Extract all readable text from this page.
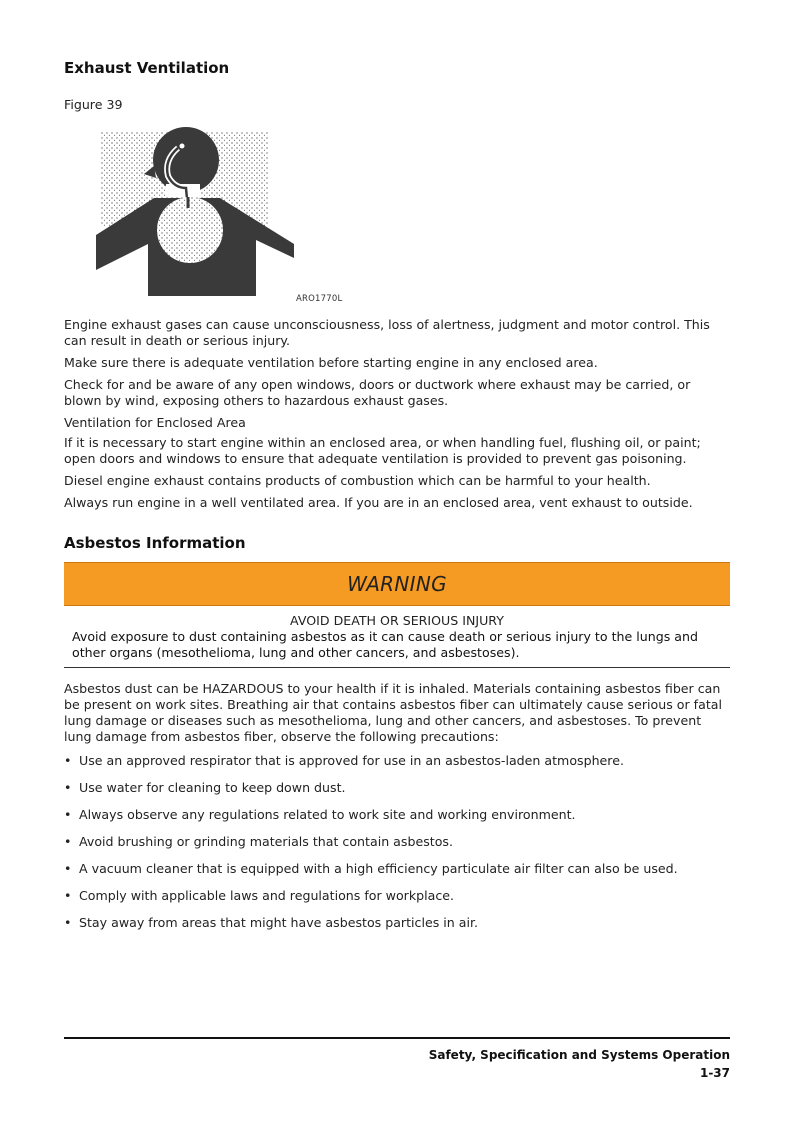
Exhaust Ventilation
Figure 39
ARO1770L

Engine exhaust gases can cause unconsciousness, loss of alertness, judgment and motor control. This can result in death or serious injury.

Make sure there is adequate ventilation before starting engine in any enclosed area.

Check for and be aware of any open windows, doors or ductwork where exhaust may be carried, or blown by wind, exposing others to hazardous exhaust gases.

Ventilation for Enclosed Area

If it is necessary to start engine within an enclosed area, or when handling fuel, flushing oil, or paint; open doors and windows to ensure that adequate ventilation is provided to prevent gas poisoning.

Diesel engine exhaust contains products of combustion which can be harmful to your health.

Always run engine in a well ventilated area. If you are in an enclosed area, vent exhaust to outside.

Asbestos Information
WARNING
AVOID DEATH OR SERIOUS INJURY
Avoid exposure to dust containing asbestos as it can cause death or serious injury to the lungs and other organs (mesothelioma, lung and other cancers, and asbestoses).

Asbestos dust can be HAZARDOUS to your health if it is inhaled. Materials containing asbestos fiber can be present on work sites. Breathing air that contains asbestos fiber can ultimately cause serious or fatal lung damage or diseases such as mesothelioma, lung and other cancers, and asbestoses. To prevent lung damage from asbestos fiber, observe the following precautions:

• Use an approved respirator that is approved for use in an asbestos-laden atmosphere.
• Use water for cleaning to keep down dust.
• Always observe any regulations related to work site and working environment.
• Avoid brushing or grinding materials that contain asbestos.
• A vacuum cleaner that is equipped with a high efficiency particulate air filter can also be used.
• Comply with applicable laws and regulations for workplace.
• Stay away from areas that might have asbestos particles in air.
Safety, Specification and Systems Operation
1-37
